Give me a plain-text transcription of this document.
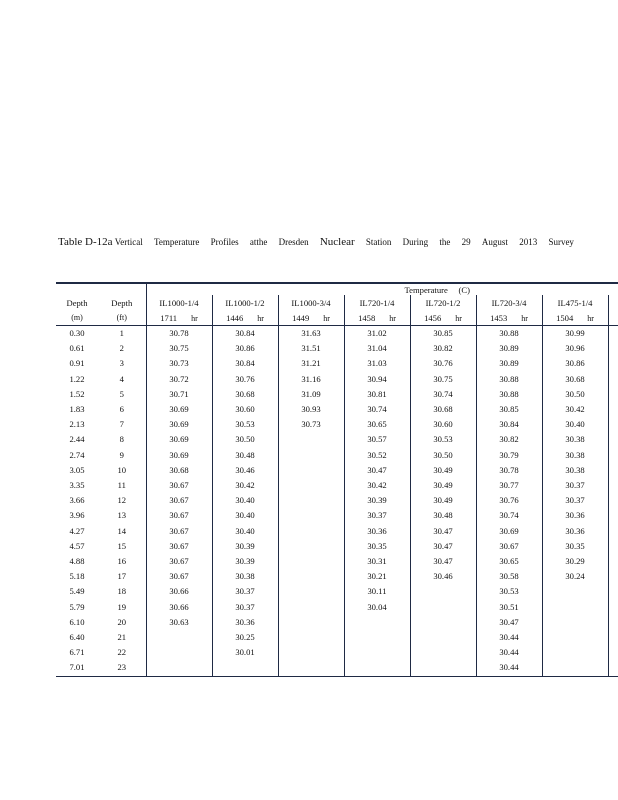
Table D-12a Vertical Temperature Profiles atthe Dresden Nuclear Station During the 29 August 2013 Survey
		Temperature     (C)							
Depth	Depth	IL1000-1/4	IL1000-1/2	IL1000-3/4	IL720-1/4	IL720-1/2	IL720-3/4	IL475-1/4	
(m)	(ft)	1711 hr	1446 hr	1449 hr	1458 hr	1456 hr	1453 hr	1504 hr	
0.30	1	30.78	30.84	31.63	31.02	30.85	30.88	30.99	
0.61	2	30.75	30.86	31.51	31.04	30.82	30.89	30.96	
0.91	3	30.73	30.84	31.21	31.03	30.76	30.89	30.86	
1.22	4	30.72	30.76	31.16	30.94	30.75	30.88	30.68	
1.52	5	30.71	30.68	31.09	30.81	30.74	30.88	30.50	
1.83	6	30.69	30.60	30.93	30.74	30.68	30.85	30.42	
2.13	7	30.69	30.53	30.73	30.65	30.60	30.84	30.40	
2.44	8	30.69	30.50		30.57	30.53	30.82	30.38	
2.74	9	30.69	30.48		30.52	30.50	30.79	30.38	
3.05	10	30.68	30.46		30.47	30.49	30.78	30.38	
3.35	11	30.67	30.42		30.42	30.49	30.77	30.37	
3.66	12	30.67	30.40		30.39	30.49	30.76	30.37	
3.96	13	30.67	30.40		30.37	30.48	30.74	30.36	
4.27	14	30.67	30.40		30.36	30.47	30.69	30.36	
4.57	15	30.67	30.39		30.35	30.47	30.67	30.35	
4.88	16	30.67	30.39		30.31	30.47	30.65	30.29	
5.18	17	30.67	30.38		30.21	30.46	30.58	30.24	
5.49	18	30.66	30.37		30.11		30.53		
5.79	19	30.66	30.37		30.04		30.51		
6.10	20	30.63	30.36				30.47		
6.40	21		30.25				30.44		
6.71	22		30.01				30.44		
7.01	23						30.44		
